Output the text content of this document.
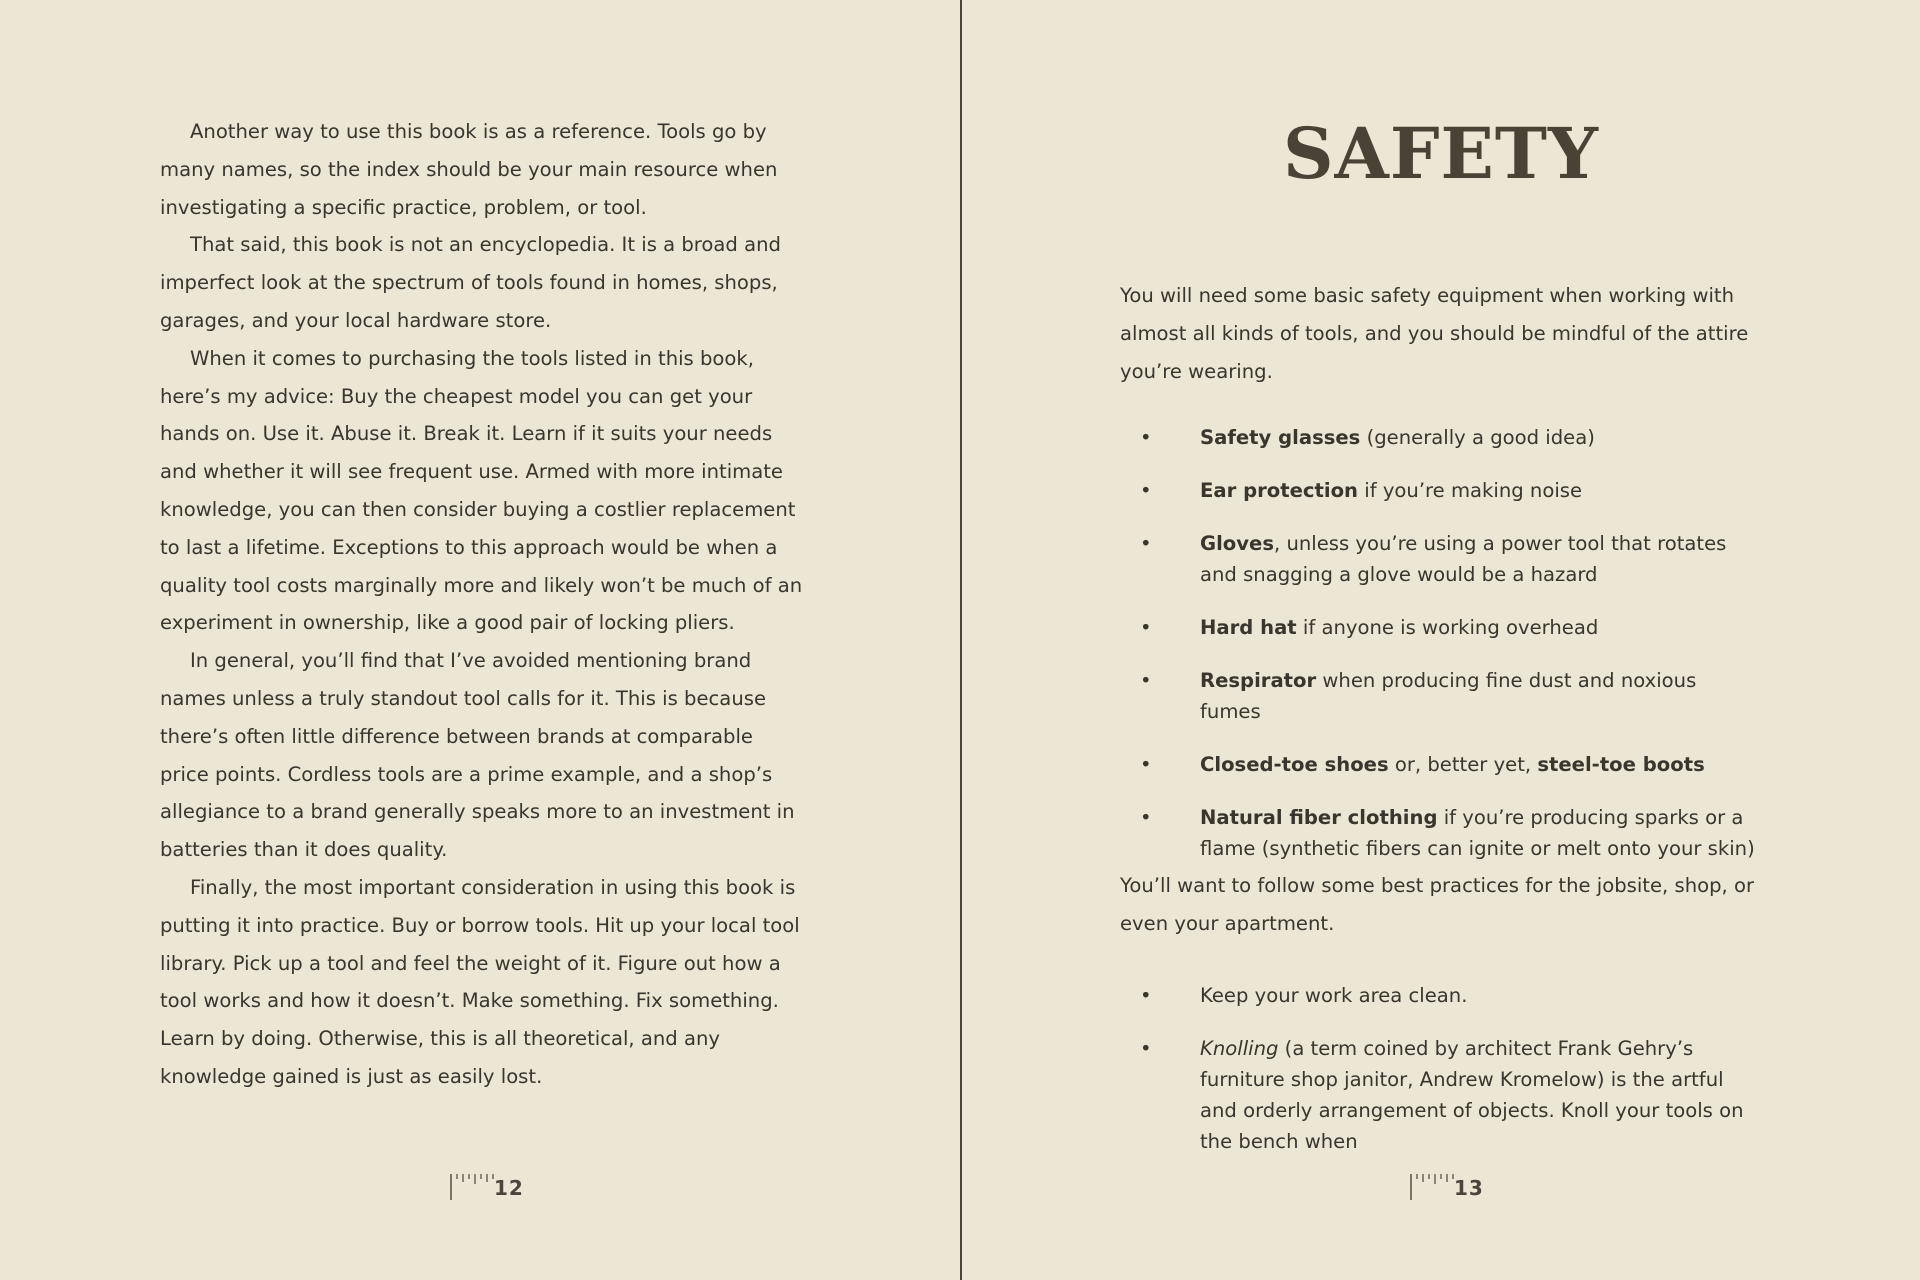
Another way to use this book is as a reference. Tools go by many names, so the index should be your main resource when investigating a specific practice, problem, or tool.

That said, this book is not an encyclopedia. It is a broad and imperfect look at the spectrum of tools found in homes, shops, garages, and your local hardware store.

When it comes to purchasing the tools listed in this book, here’s my advice: Buy the cheapest model you can get your hands on. Use it. Abuse it. Break it. Learn if it suits your needs and whether it will see frequent use. Armed with more intimate knowledge, you can then consider buying a costlier replacement to last a lifetime. Exceptions to this approach would be when a quality tool costs marginally more and likely won’t be much of an experiment in ownership, like a good pair of locking pliers.

In general, you’ll find that I’ve avoided mentioning brand names unless a truly standout tool calls for it. This is because there’s often little difference between brands at comparable price points. Cordless tools are a prime example, and a shop’s allegiance to a brand generally speaks more to an investment in batteries than it does quality.

Finally, the most important consideration in using this book is putting it into practice. Buy or borrow tools. Hit up your local tool library. Pick up a tool and feel the weight of it. Figure out how a tool works and how it doesn’t. Make something. Fix something. Learn by doing. Otherwise, this is all theoretical, and any knowledge gained is just as easily lost.

12
SAFETY

You will need some basic safety equipment when working with almost all kinds of tools, and you should be mindful of the attire you’re wearing.

• Safety glasses (generally a good idea)
• Ear protection if you’re making noise
• Gloves, unless you’re using a power tool that rotates and snagging a glove would be a hazard
• Hard hat if anyone is working overhead
• Respirator when producing fine dust and noxious fumes
• Closed-toe shoes or, better yet, steel-toe boots
• Natural fiber clothing if you’re producing sparks or a flame (synthetic fibers can ignite or melt onto your skin)

You’ll want to follow some best practices for the jobsite, shop, or even your apartment.

• Keep your work area clean.
• Knolling (a term coined by architect Frank Gehry’s furniture shop janitor, Andrew Kromelow) is the artful and orderly arrangement of objects. Knoll your tools on the bench when
13
